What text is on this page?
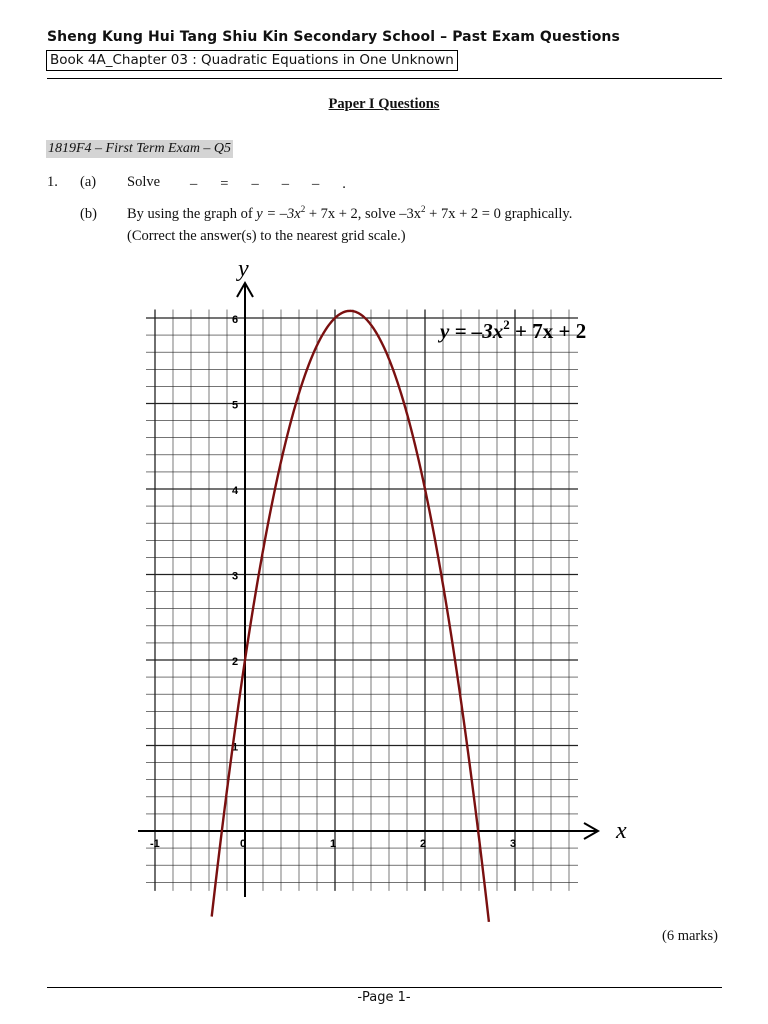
Sheng Kung Hui Tang Shiu Kin Secondary School – Past Exam Questions
Book 4A_Chapter 03 : Quadratic Equations in One Unknown
Paper I Questions
1819F4 – First Term Exam – Q5
1. (a) Solve – = – – – .
(b) By using the graph of $y = -3x^2 + 7x + 2$, solve $-3x^2 + 7x + 2 = 0$ graphically.
(Correct the answer(s) to the nearest grid scale.)
-1	0	1	2	3
1
2
3
4
5
6
x
y
$y = -3x^2 + 7x + 2$
(6 marks)
-Page 1-
